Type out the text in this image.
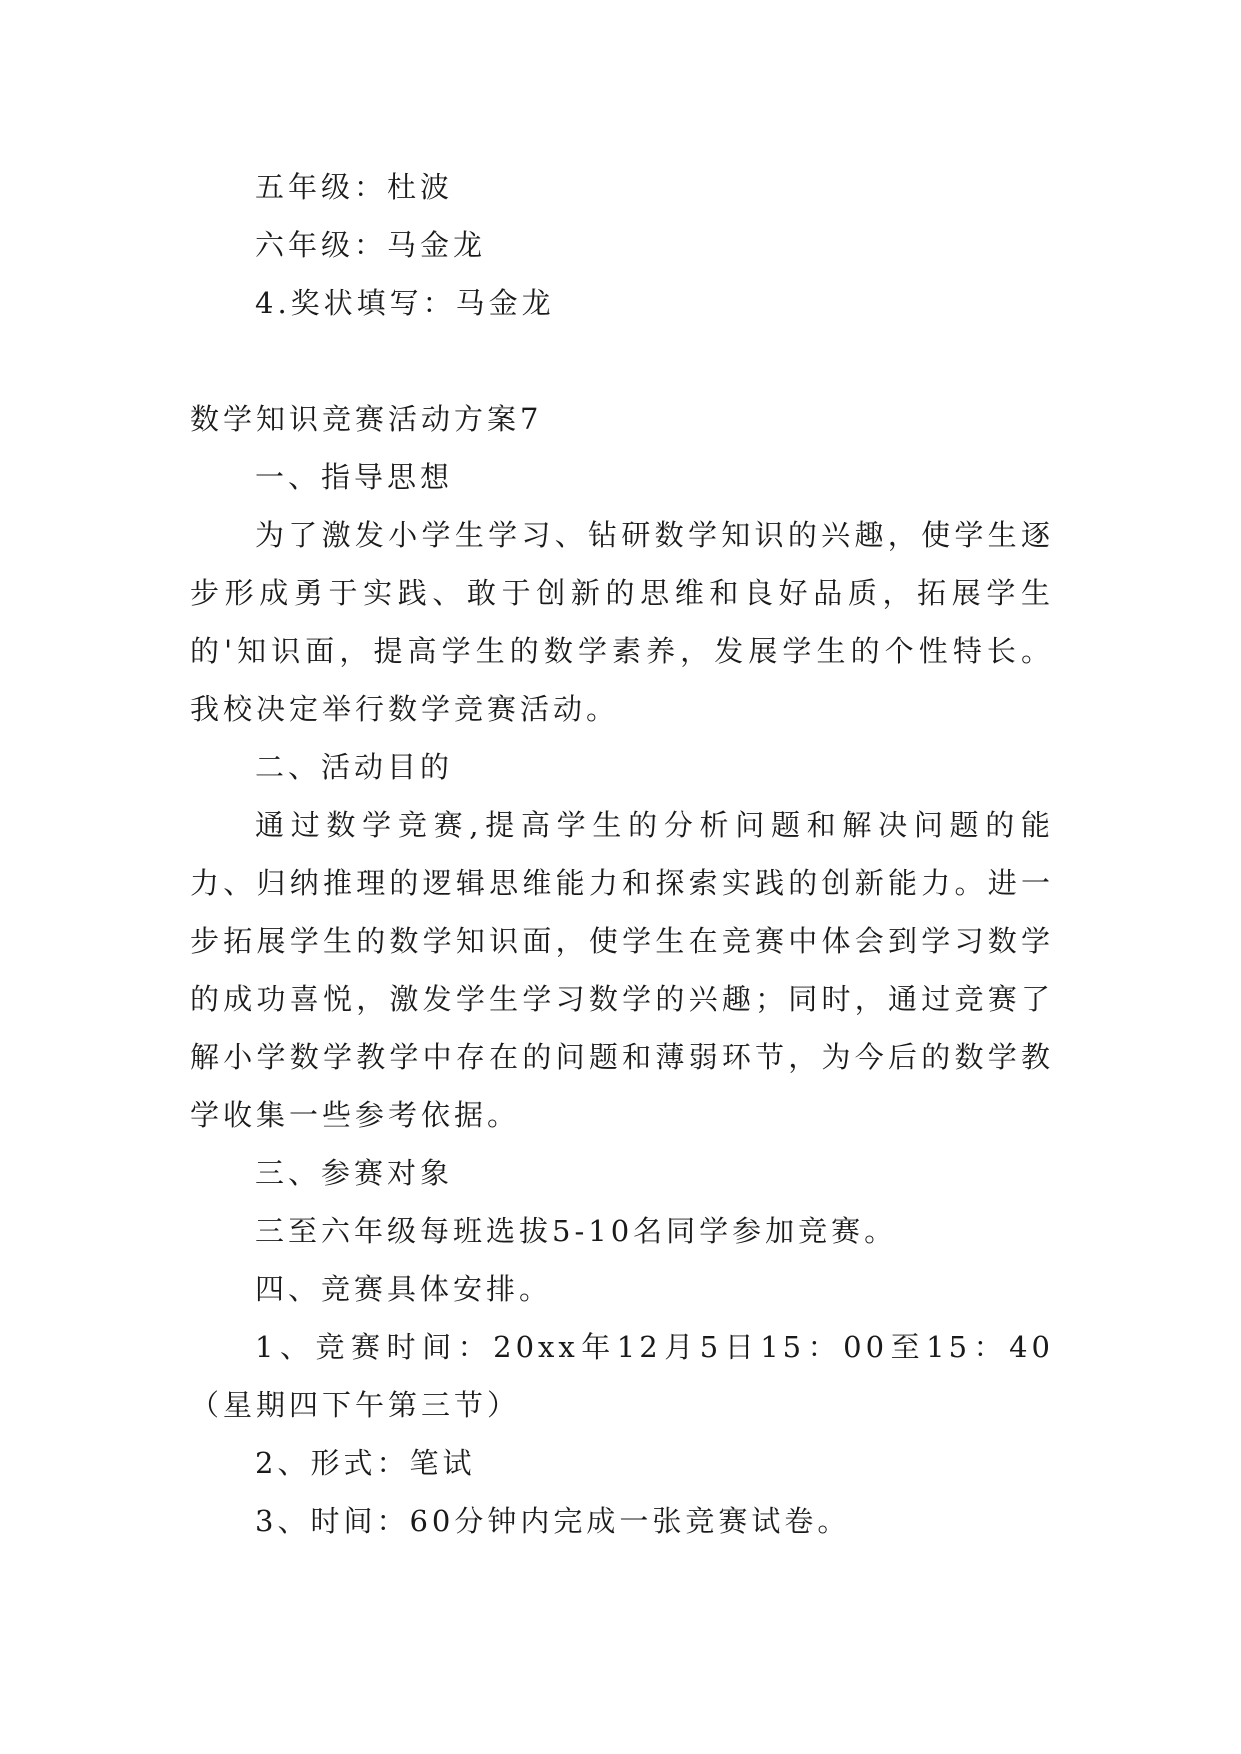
五年级：杜波

六年级：马金龙

4.奖状填写：马金龙

数学知识竞赛活动方案7

一、指导思想

为了激发小学生学习、钻研数学知识的兴趣，使学生逐步形成勇于实践、敢于创新的思维和良好品质，拓展学生的'知识面，提高学生的数学素养，发展学生的个性特长。我校决定举行数学竞赛活动。

二、活动目的

通过数学竞赛,提高学生的分析问题和解决问题的能力、归纳推理的逻辑思维能力和探索实践的创新能力。进一步拓展学生的数学知识面，使学生在竞赛中体会到学习数学的成功喜悦，激发学生学习数学的兴趣；同时，通过竞赛了解小学数学教学中存在的问题和薄弱环节，为今后的数学教学收集一些参考依据。

三、参赛对象

三至六年级每班选拔5-10名同学参加竞赛。

四、竞赛具体安排。

1、竞赛时间：20xx年12月5日15：00至15：40（星期四下午第三节）

2、形式：笔试

3、时间：60分钟内完成一张竞赛试卷。
